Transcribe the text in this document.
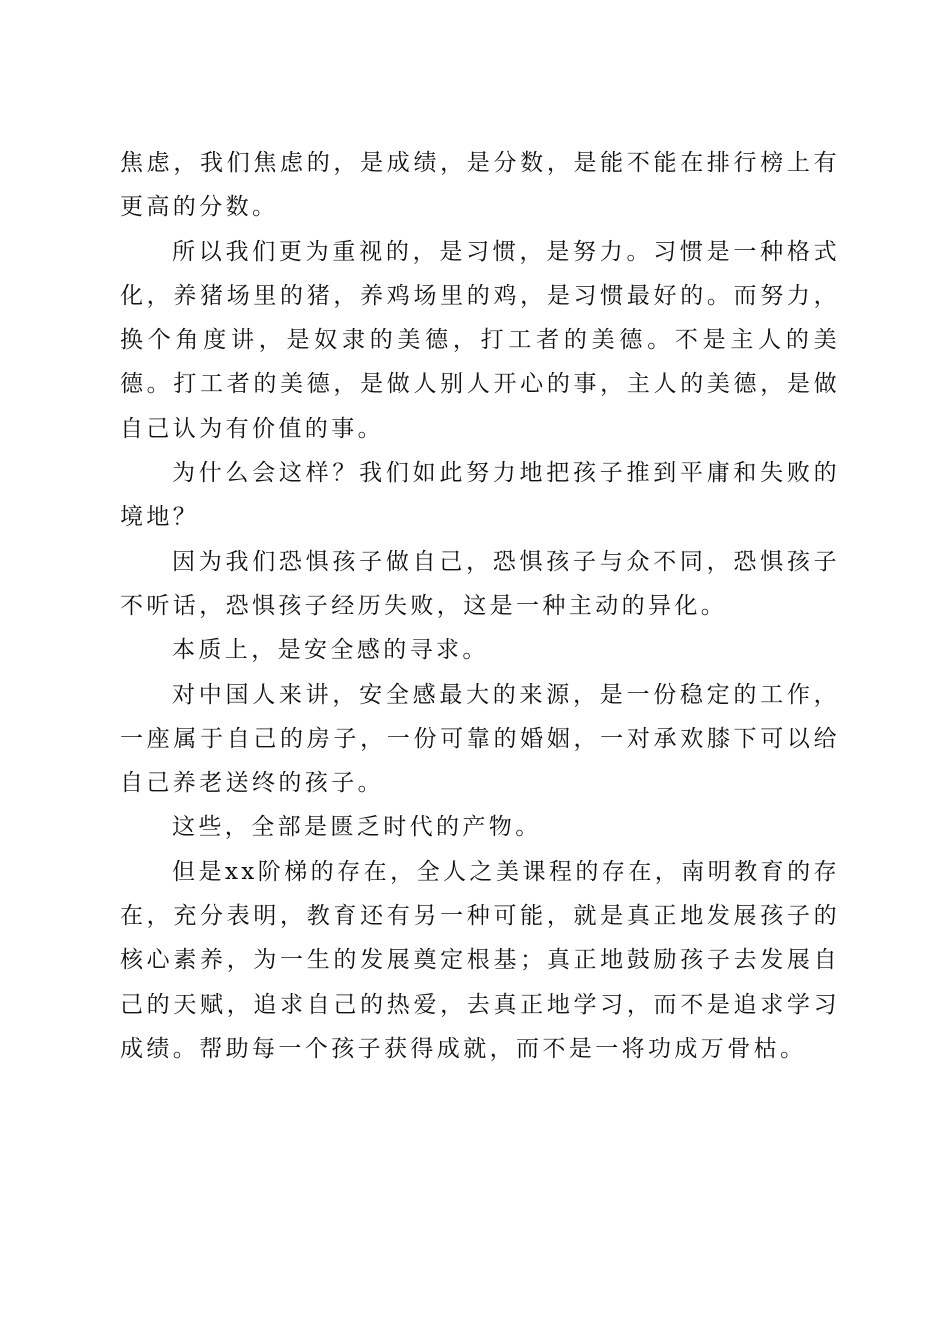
焦虑，我们焦虑的，是成绩，是分数，是能不能在排行榜上有更高的分数。

所以我们更为重视的，是习惯，是努力。习惯是一种格式化，养猪场里的猪，养鸡场里的鸡，是习惯最好的。而努力，换个角度讲，是奴隶的美德，打工者的美德。不是主人的美德。打工者的美德，是做人别人开心的事，主人的美德，是做自己认为有价值的事。

为什么会这样？我们如此努力地把孩子推到平庸和失败的境地？

因为我们恐惧孩子做自己，恐惧孩子与众不同，恐惧孩子不听话，恐惧孩子经历失败，这是一种主动的异化。

本质上，是安全感的寻求。

对中国人来讲，安全感最大的来源，是一份稳定的工作，一座属于自己的房子，一份可靠的婚姻，一对承欢膝下可以给自己养老送终的孩子。

这些，全部是匮乏时代的产物。

但是xx阶梯的存在，全人之美课程的存在，南明教育的存在，充分表明，教育还有另一种可能，就是真正地发展孩子的核心素养，为一生的发展奠定根基；真正地鼓励孩子去发展自己的天赋，追求自己的热爱，去真正地学习，而不是追求学习成绩。帮助每一个孩子获得成就，而不是一将功成万骨枯。
